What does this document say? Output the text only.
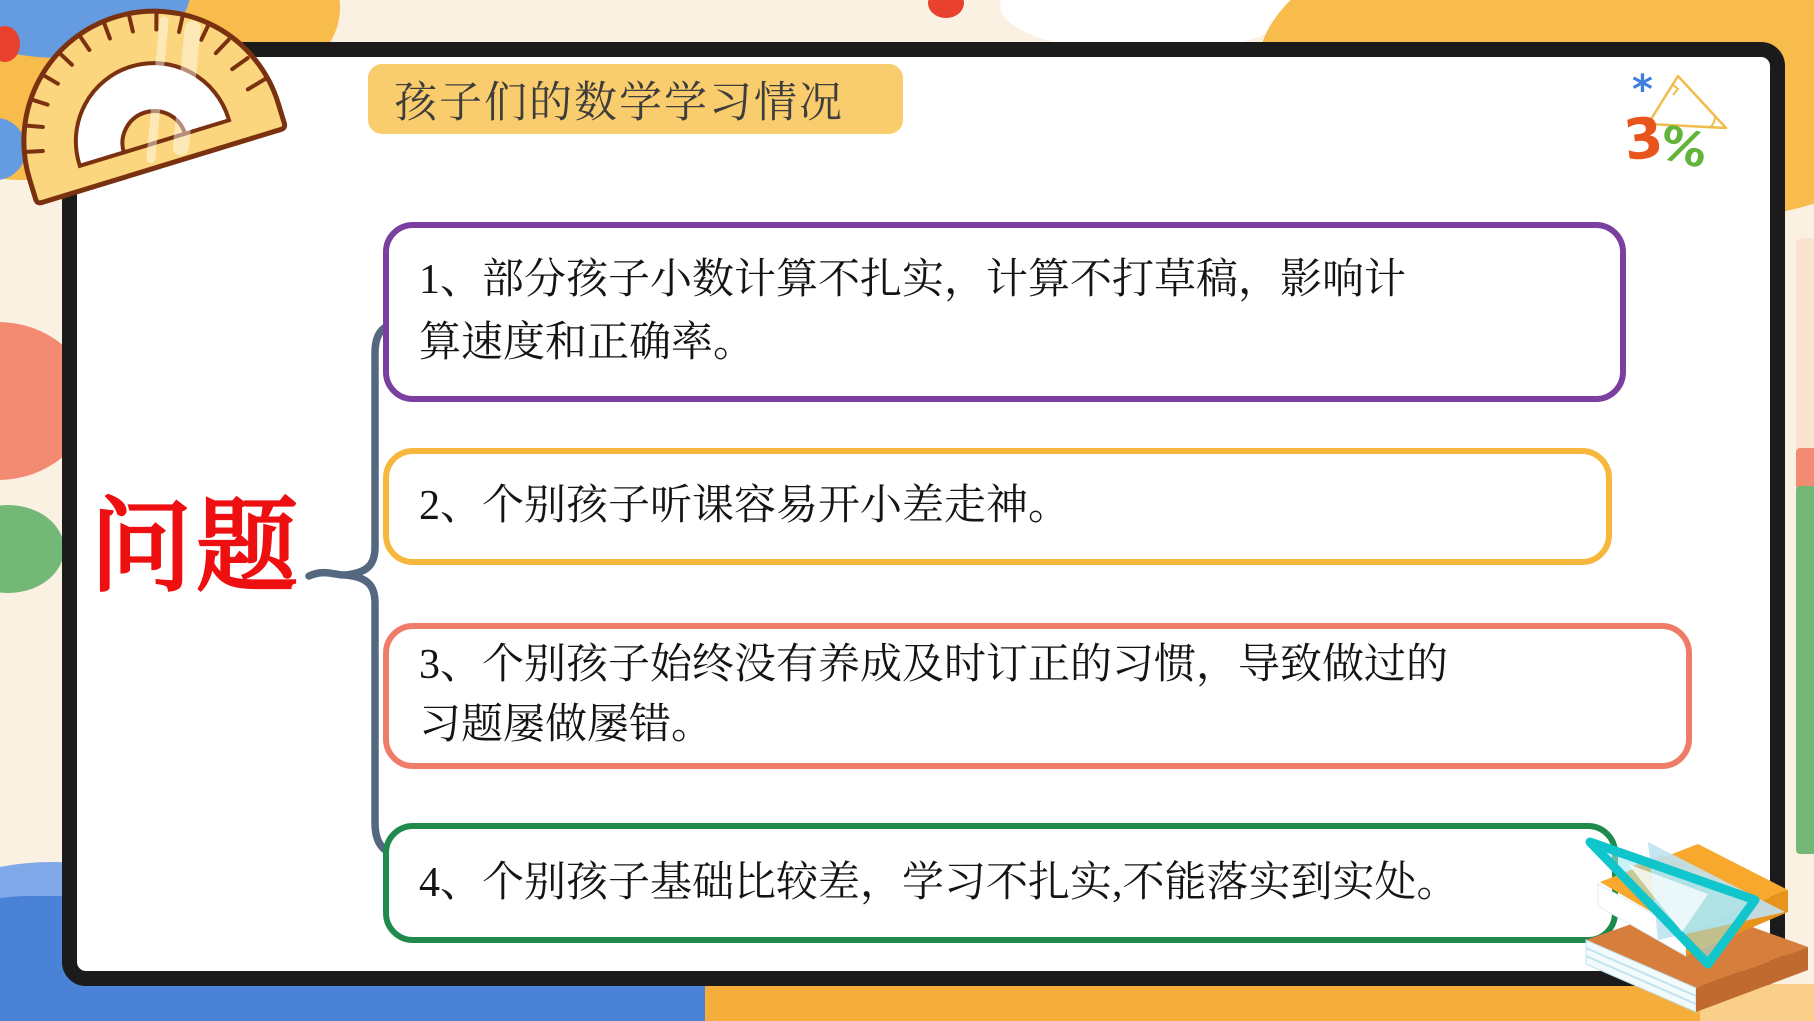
孩子们的数学学习情况
问题
1、部分孩子小数计算不扎实，计算不打草稿，影响计算速度和正确率。
2、个别孩子听课容易开小差走神。
3、个别孩子始终没有养成及时订正的习惯，导致做过的习题屡做屡错。
4、个别孩子基础比较差，学习不扎实,不能落实到实处。
*
3
%
